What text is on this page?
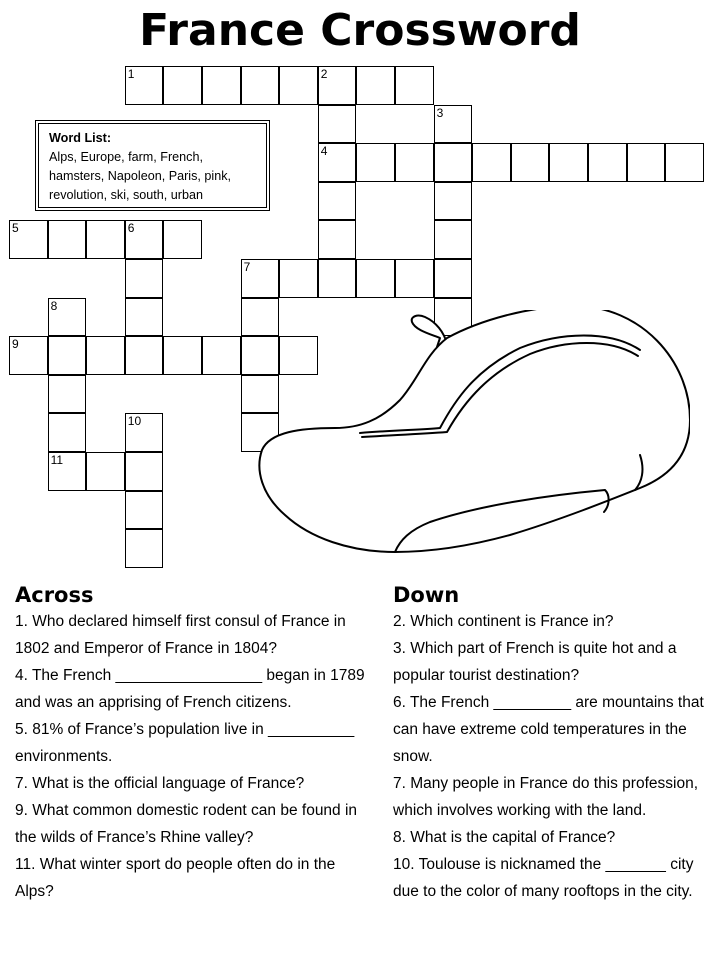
France Crossword
1	2
4
3
5	6
7
8
11
9
10
Word List:
Alps, Europe, farm, French, hamsters, Napoleon, Paris, pink, revolution, ski, south, urban
Across
1. Who declared himself first consul of France in 1802 and Emperor of France in 1804?
4. The French _________________ began in 1789 and was an apprising of French citizens.
5. 81% of France’s population live in __________ environments.
7. What is the official language of France?
9. What common domestic rodent can be found in the wilds of France’s Rhine valley?
11. What winter sport do people often do in the Alps?
Down
2. Which continent is France in?
3. Which part of French is quite hot and a popular tourist destination?
6. The French _________ are mountains that can have extreme cold temperatures in the snow.
7. Many people in France do this profession, which involves working with the land.
8. What is the capital of France?
10. Toulouse is nicknamed the _______ city due to the color of many rooftops in the city.
